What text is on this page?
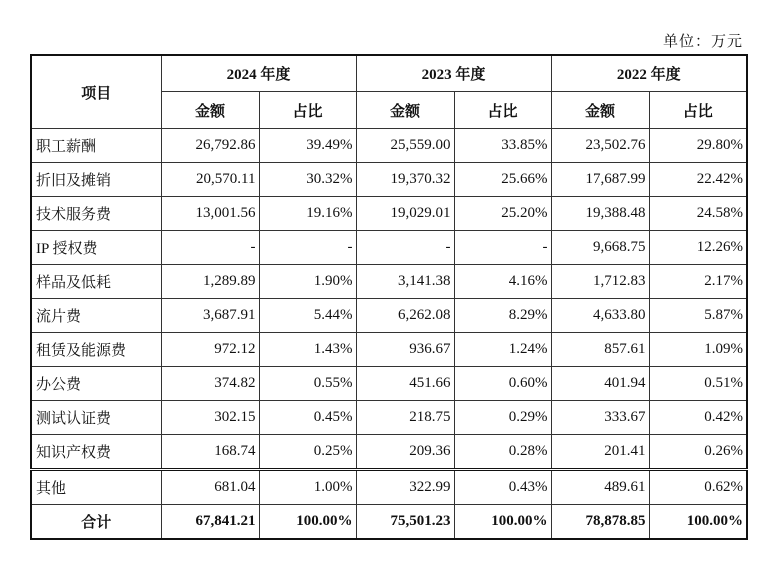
单位：万元
项目	2024 年度		2023 年度		2022 年度	
	金额	占比	金额	占比	金额	占比
职工薪酬	26,792.86	39.49%	25,559.00	33.85%	23,502.76	29.80%
折旧及摊销	20,570.11	30.32%	19,370.32	25.66%	17,687.99	22.42%
技术服务费	13,001.56	19.16%	19,029.01	25.20%	19,388.48	24.58%
IP 授权费	-	-	-	-	9,668.75	12.26%
样品及低耗	1,289.89	1.90%	3,141.38	4.16%	1,712.83	2.17%
流片费	3,687.91	5.44%	6,262.08	8.29%	4,633.80	5.87%
租赁及能源费	972.12	1.43%	936.67	1.24%	857.61	1.09%
办公费	374.82	0.55%	451.66	0.60%	401.94	0.51%
测试认证费	302.15	0.45%	218.75	0.29%	333.67	0.42%
知识产权费	168.74	0.25%	209.36	0.28%	201.41	0.26%
其他	681.04	1.00%	322.99	0.43%	489.61	0.62%
合计	67,841.21	100.00%	75,501.23	100.00%	78,878.85	100.00%
